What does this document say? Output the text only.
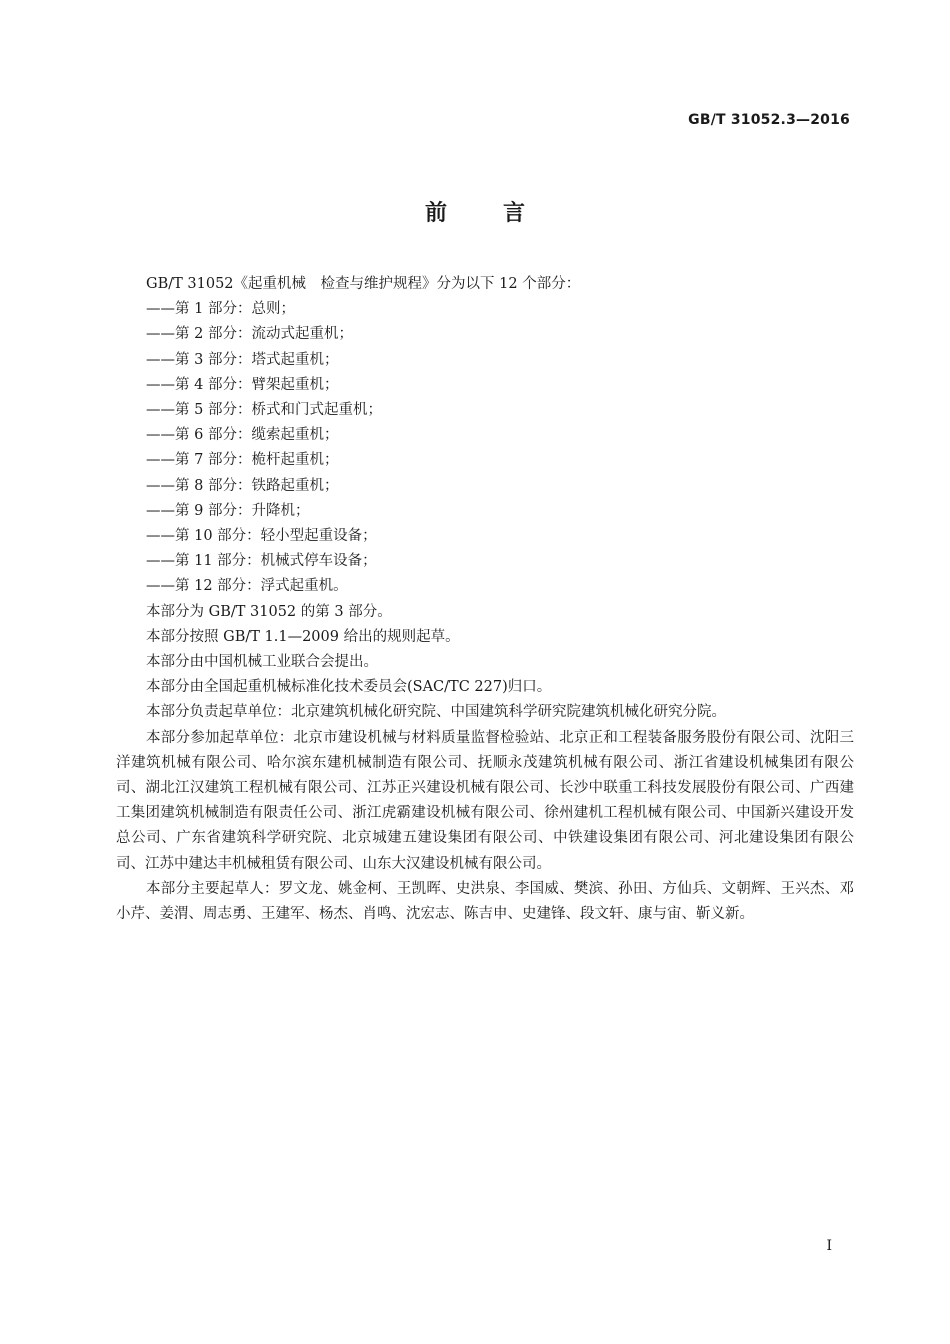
GB/T 31052.3—2016
前言

GB/T 31052《起重机械　检查与维护规程》分为以下 12 个部分：

——第 1 部分：总则；

——第 2 部分：流动式起重机；

——第 3 部分：塔式起重机；

——第 4 部分：臂架起重机；

——第 5 部分：桥式和门式起重机；

——第 6 部分：缆索起重机；

——第 7 部分：桅杆起重机；

——第 8 部分：铁路起重机；

——第 9 部分：升降机；

——第 10 部分：轻小型起重设备；

——第 11 部分：机械式停车设备；

——第 12 部分：浮式起重机。

本部分为 GB/T 31052 的第 3 部分。

本部分按照 GB/T 1.1—2009 给出的规则起草。

本部分由中国机械工业联合会提出。

本部分由全国起重机械标准化技术委员会(SAC/TC 227)归口。

本部分负责起草单位：北京建筑机械化研究院、中国建筑科学研究院建筑机械化研究分院。

本部分参加起草单位：北京市建设机械与材料质量监督检验站、北京正和工程装备服务股份有限公司、沈阳三洋建筑机械有限公司、哈尔滨东建机械制造有限公司、抚顺永茂建筑机械有限公司、浙江省建设机械集团有限公司、湖北江汉建筑工程机械有限公司、江苏正兴建设机械有限公司、长沙中联重工科技发展股份有限公司、广西建工集团建筑机械制造有限责任公司、浙江虎霸建设机械有限公司、徐州建机工程机械有限公司、中国新兴建设开发总公司、广东省建筑科学研究院、北京城建五建设集团有限公司、中铁建设集团有限公司、河北建设集团有限公司、江苏中建达丰机械租赁有限公司、山东大汉建设机械有限公司。

本部分主要起草人：罗文龙、姚金柯、王凯晖、史洪泉、李国威、樊滨、孙田、方仙兵、文朝辉、王兴杰、邓小芹、姜渭、周志勇、王建军、杨杰、肖鸣、沈宏志、陈吉申、史建锋、段文轩、康与宙、靳义新。

I
